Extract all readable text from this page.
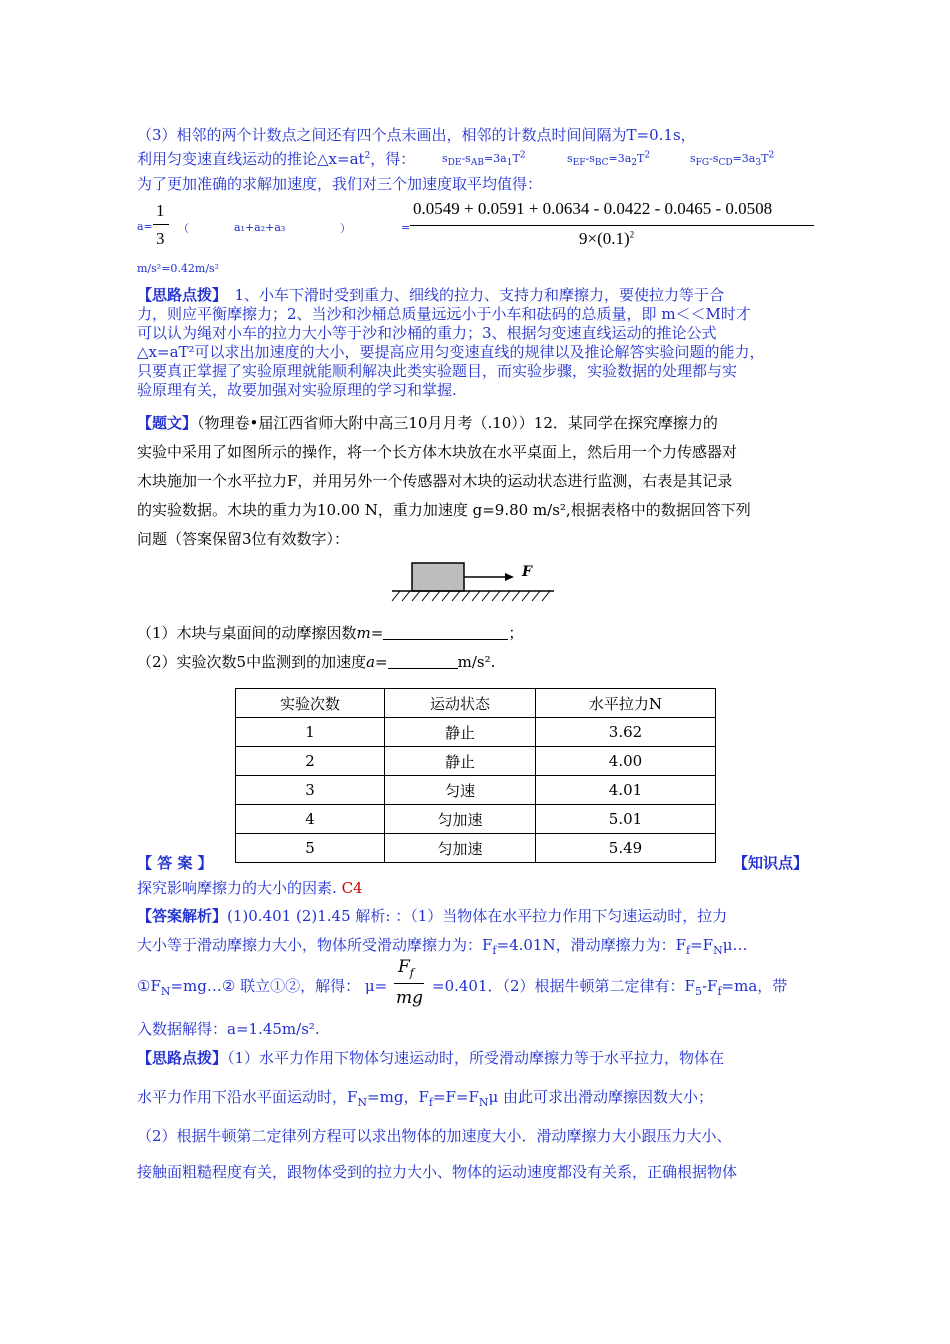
（3）相邻的两个计数点之间还有四个点未画出，相邻的计数点时间间隔为T=0.1s，
利用匀变速直线运动的推论$\triangle x=at^2$，得： $s_{DE}-s_{AB}=3a_1T^2$	$s_{EF}-s_{BC}=3a_2T^2$	$s_{FG}-s_{CD}=3a_3T^2$
为了更加准确的求解加速度，我们对三个加速度取平均值得：
a=
1
3
（	a₁+a₂+a₃	）	=
0.0549 + 0.0591 + 0.0634 - 0.0422 - 0.0465 - 0.0508
$9\times(0.1)^2$
m/s²=0.42m/s²
【思路点拨】　1、小车下滑时受到重力、细线的拉力、支持力和摩擦力，要使拉力等于合
力，则应平衡摩擦力；2、当沙和沙桶总质量远远小于小车和砝码的总质量，即 m＜＜M时才
可以认为绳对小车的拉力大小等于沙和沙桶的重力；3、根据匀变速直线运动的推论公式
△x=aT²可以求出加速度的大小，要提高应用匀变速直线的规律以及推论解答实验问题的能力，
只要真正掌握了实验原理就能顺利解决此类实验题目，而实验步骤，实验数据的处理都与实
验原理有关，故要加强对实验原理的学习和掌握.
【题文】（物理卷•届江西省师大附中高三10月月考（.10））12．某同学在探究摩擦力的
实验中采用了如图所示的操作，将一个长方体木块放在水平桌面上，然后用一个力传感器对
木块施加一个水平拉力F，并用另外一个传感器对木块的运动状态进行监测，右表是其记录
的实验数据。木块的重力为10.00 N，重力加速度 g=9.80 m/s²,根据表格中的数据回答下列
问题（答案保留3位有效数字）：
F
（1）木块与桌面间的动摩擦因数m=	；
（2）实验次数5中监测到的加速度a=	m/s².
实验次数	运动状态	水平拉力N
1	静止	3.62
2	静止	4.00
3	匀速	4.01
4	匀加速	5.01
5	匀加速	5.49
【 答 案 】	【知识点】
探究影响摩擦力的大小的因素. C4
【答案解析】(1)0.401 (2)1.45 解析: ：（1）当物体在水平拉力作用下匀速运动时，拉力
大小等于滑动摩擦力大小，物体所受滑动摩擦力为：$F_f=4.01N$，滑动摩擦力为：$F_f=F_N\mu\dots$
$①F_N=mg\dots ②$ 联立①②，解得： μ=
$F_f$
mg
=0.401．（2）根据牛顿第二定律有：$F_5-F_f=ma$，带
入数据解得：a=1.45m/s².
【思路点拨】（1）水平力作用下物体匀速运动时，所受滑动摩擦力等于水平拉力，物体在
水平力作用下沿水平面运动时，$F_N=mg$，$F_f=F=F_N\mu$ 由此可求出滑动摩擦因数大小；
（2）根据牛顿第二定律列方程可以求出物体的加速度大小．滑动摩擦力大小跟压力大小、
接触面粗糙程度有关，跟物体受到的拉力大小、物体的运动速度都没有关系，正确根据物体
